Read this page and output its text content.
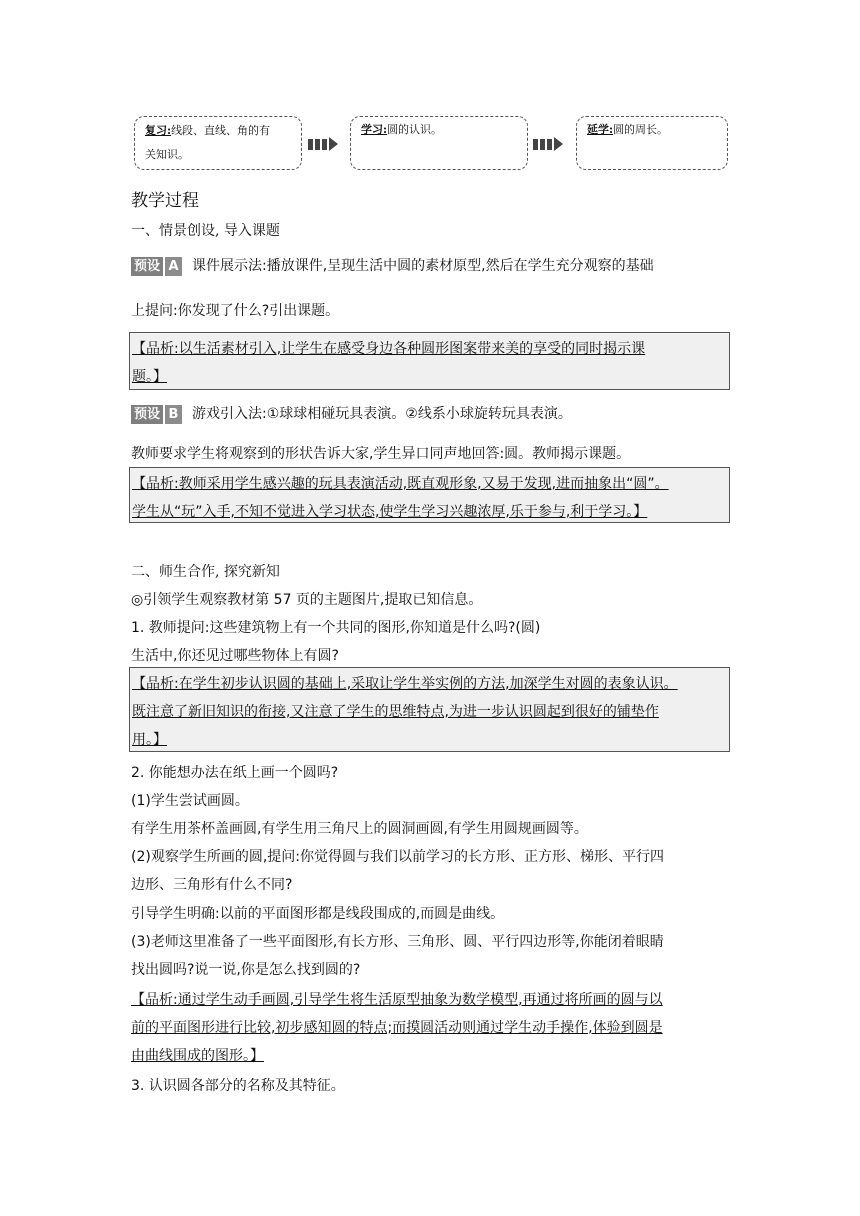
复习:线段、直线、角的有
关知识。
学习:圆的认识。	延学:圆的周长。
教学过程
一、情景创设, 导入课题
预设 A 课件展示法:播放课件,呈现生活中圆的素材原型,然后在学生充分观察的基础
上提问:你发现了什么?引出课题。
【品析:以生活素材引入,让学生在感受身边各种圆形图案带来美的享受的同时揭示课
题。】
预设 B 游戏引入法:①球球相碰玩具表演。②线系小球旋转玩具表演。
教师要求学生将观察到的形状告诉大家,学生异口同声地回答:圆。教师揭示课题。
【品析:教师采用学生感兴趣的玩具表演活动,既直观形象,又易于发现,进而抽象出“圆”。
学生从“玩”入手,不知不觉进入学习状态,使学生学习兴趣浓厚,乐于参与,利于学习。】
二、师生合作, 探究新知
◎引领学生观察教材第 57 页的主题图片,提取已知信息。
1. 教师提问:这些建筑物上有一个共同的图形,你知道是什么吗?(圆)
生活中,你还见过哪些物体上有圆?
【品析:在学生初步认识圆的基础上,采取让学生举实例的方法,加深学生对圆的表象认识。
既注意了新旧知识的衔接,又注意了学生的思维特点,为进一步认识圆起到很好的铺垫作
用。】
2. 你能想办法在纸上画一个圆吗?
(1)学生尝试画圆。
有学生用茶杯盖画圆,有学生用三角尺上的圆洞画圆,有学生用圆规画圆等。
(2)观察学生所画的圆,提问:你觉得圆与我们以前学习的长方形、正方形、梯形、平行四
边形、三角形有什么不同?
引导学生明确:以前的平面图形都是线段围成的,而圆是曲线。
(3)老师这里准备了一些平面图形,有长方形、三角形、圆、平行四边形等,你能闭着眼睛
找出圆吗?说一说,你是怎么找到圆的?
【品析:通过学生动手画圆,引导学生将生活原型抽象为数学模型,再通过将所画的圆与以
前的平面图形进行比较,初步感知圆的特点;而摸圆活动则通过学生动手操作,体验到圆是
由曲线围成的图形。】
3. 认识圆各部分的名称及其特征。
